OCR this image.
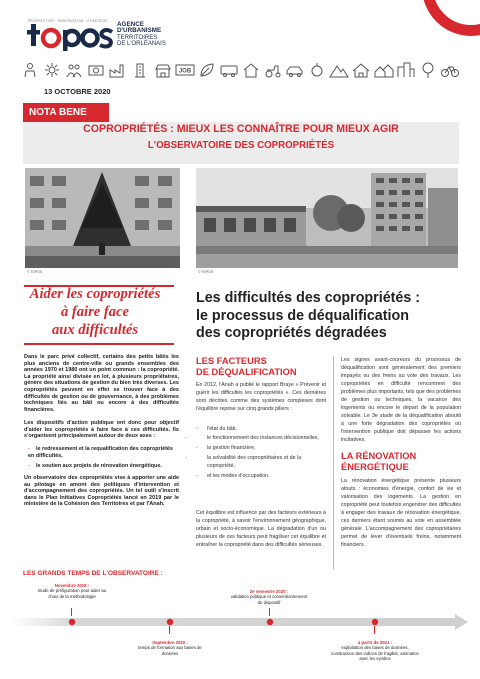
PROSPECTIVE · OBSERVATION · STRATÉGIE AGENCE
D'URBANISME
TERRITOIRES
DE L'ORLÉANAIS
JOB
13 OCTOBRE 2020
NOTA BENE
COPROPRIÉTÉS : MIEUX LES CONNAÎTRE POUR MIEUX AGIR
L'OBSERVATOIRE DES COPROPRIÉTÉS
© TOPOS	© TOPOS
Aider les copropriétés
à faire face
aux difficultés
Dans le parc privé collectif, certains des petits bâtis les plus anciens de centre-ville ou grands ensembles des années 1970 et 1980 ont un point commun : la copropriété. La propriété ainsi divisée en lot, à plusieurs propriétaires, génère des situations de gestion du bien très diverses. Les copropriétés peuvent en effet se trouver face à des difficultés de gestion ou de gouvernance, à des problèmes techniques liés au bâti ou encore à des difficultés financières.
Les dispositifs d'action publique ont donc pour objectif d'aider les copropriétés à faire face à ces difficultés. Ils s'organisent principalement autour de deux axes :
- le redressement et la requalification des copropriétés en difficultés,
- le soutien aux projets de rénovation énergétique.
Un observatoire des copropriétés vise à apporter une aide au pilotage en amont des politiques d'intervention et d'accompagnement des copropriétés. Un tel outil s'inscrit dans le Plan Initiatives Copropriétés lancé en 2019 par le ministère de la Cohésion des Territoires et par l'Anah.
Les difficultés des copropriétés :
le processus de déqualification
des copropriétés dégradées
LES FACTEURS
DE DÉQUALIFICATION
En 2012, l'Anah a publié le rapport Braye « Prévenir et guérir les difficultés les copropriétés ». Ces dernières sont décrites comme des systèmes complexes dont l'équilibre repose sur cinq grands piliers :
- l'état du bâti,
-	le fonctionnement des instances décisionnelles,
- la gestion financière,
-	la solvabilité des copropriétaires et de la copropriété,
- et les modes d'occupation.
Cet équilibre est influencé par des facteurs extérieurs à la copropriété, à savoir l'environnement géographique, urbain et socio-économique. La dégradation d'un ou plusieurs de ces facteurs peut fragiliser cet équilibre et entraîner la copropriété dans des difficultés sérieuses.
Les signes avant-coureurs du processus de déqualification sont généralement des premiers impayés ou des freins au vote des travaux. Les copropriétés en difficulté rencontrent des problèmes plus importants, tels que des problèmes de gestion ou techniques, la vacance des logements ou encore le départ de la population solvable. Le 3e stade de la déqualification aboutit à une forte dégradation des copropriétés où l'intervention publique doit dépasser les actions incitatives.
LA RÉNOVATION
ÉNERGÉTIQUE
La rénovation énergétique présente plusieurs atouts : économies d'énergie, confort de vie et valorisation des logements. La gestion en copropriété peut toutefois engendrer des difficultés à engager des travaux de rénovation énergétique, ces derniers étant soumis au vote en assemblée générale. L'accompagnement des copropriétaires permet de lever d'éventuels freins, notamment financiers.
LES GRANDS TEMPS DE L'OBSERVATOIRE :
Novembre 2019 :
étude de préfiguration pour aider au choix de la méthodologie
Septembre 2020 :
temps de formation aux bases de données
2e semestre 2020 :
validation politique et conventionnement du dispositif
à partir de 2021 :
exploitation des bases de données, construction des indices de fragilité, animation avec les syndics
